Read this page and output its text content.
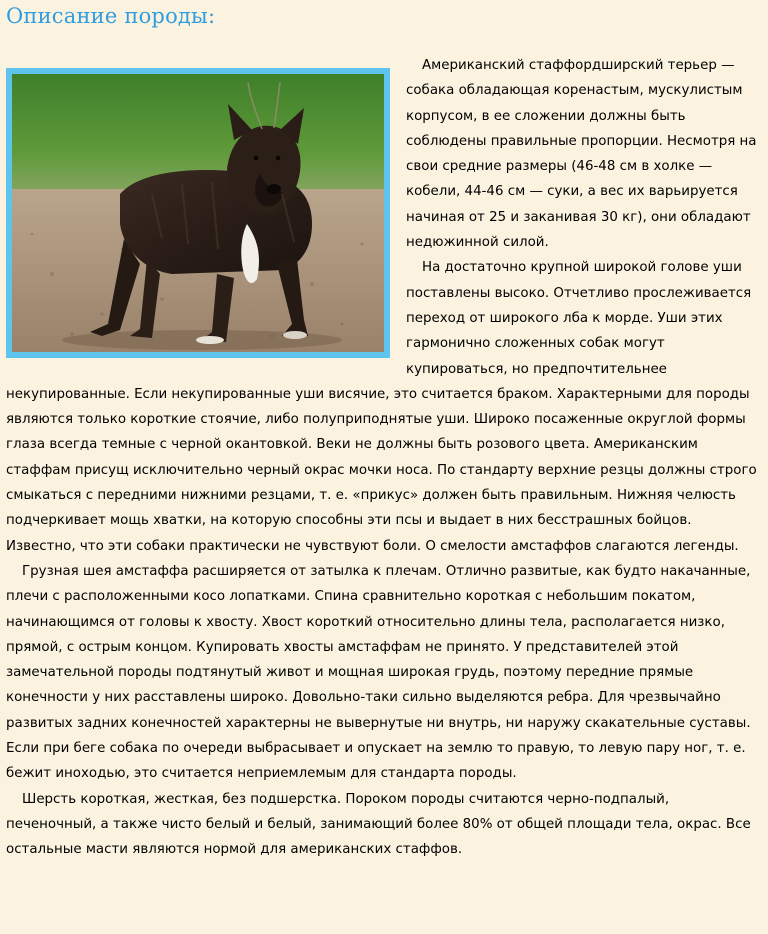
Описание породы:

Американский стаффордширский терьер — собака обладающая коренастым, мускулистым корпусом, в ее сложении должны быть соблюдены правильные пропорции. Несмотря на свои средние размеры (46-48 см в холке — кобели, 44-46 см — суки, а вес их варьируется начиная от 25 и заканивая 30 кг), они обладают недюжинной силой.

На достаточно крупной широкой голове уши поставлены высоко. Отчетливо прослеживается переход от широкого лба к морде. Уши этих гармонично сложенных собак могут купироваться, но предпочтительнее некупированные. Если некупированные уши висячие, это считается браком. Характерными для породы являются только короткие стоячие, либо полуприподнятые уши. Широко посаженные округлой формы глаза всегда темные с черной окантовкой. Веки не должны быть розового цвета. Американским стаффам присущ исключительно черный окрас мочки носа. По стандарту верхние резцы должны строго смыкаться с передними нижними резцами, т. е. «прикус» должен быть правильным. Нижняя челюсть подчеркивает мощь хватки, на которую способны эти псы и выдает в них бесстрашных бойцов. Известно, что эти собаки практически не чувствуют боли. О смелости амстаффов слагаются легенды.

Грузная шея амстаффа расширяется от затылка к плечам. Отлично развитые, как будто накачанные, плечи с расположенными косо лопатками. Спина сравнительно короткая с небольшим покатом, начинающимся от головы к хвосту. Хвост короткий относительно длины тела, располагается низко, прямой, с острым концом. Купировать хвосты амстаффам не принято. У представителей этой замечательной породы подтянутый живот и мощная широкая грудь, поэтому передние прямые конечности у них расставлены широко. Довольно-таки сильно выделяются ребра. Для чрезвычайно развитых задних конечностей характерны не вывернутые ни внутрь, ни наружу скакательные суставы. Если при беге собака по очереди выбрасывает и опускает на землю то правую, то левую пару ног, т. е. бежит иноходью, это считается неприемлемым для стандарта породы.

Шерсть короткая, жесткая, без подшерстка. Пороком породы считаются черно-подпалый, печеночный, а также чисто белый и белый, занимающий более 80% от общей площади тела, окрас. Все остальные масти являются нормой для американских стаффов.
